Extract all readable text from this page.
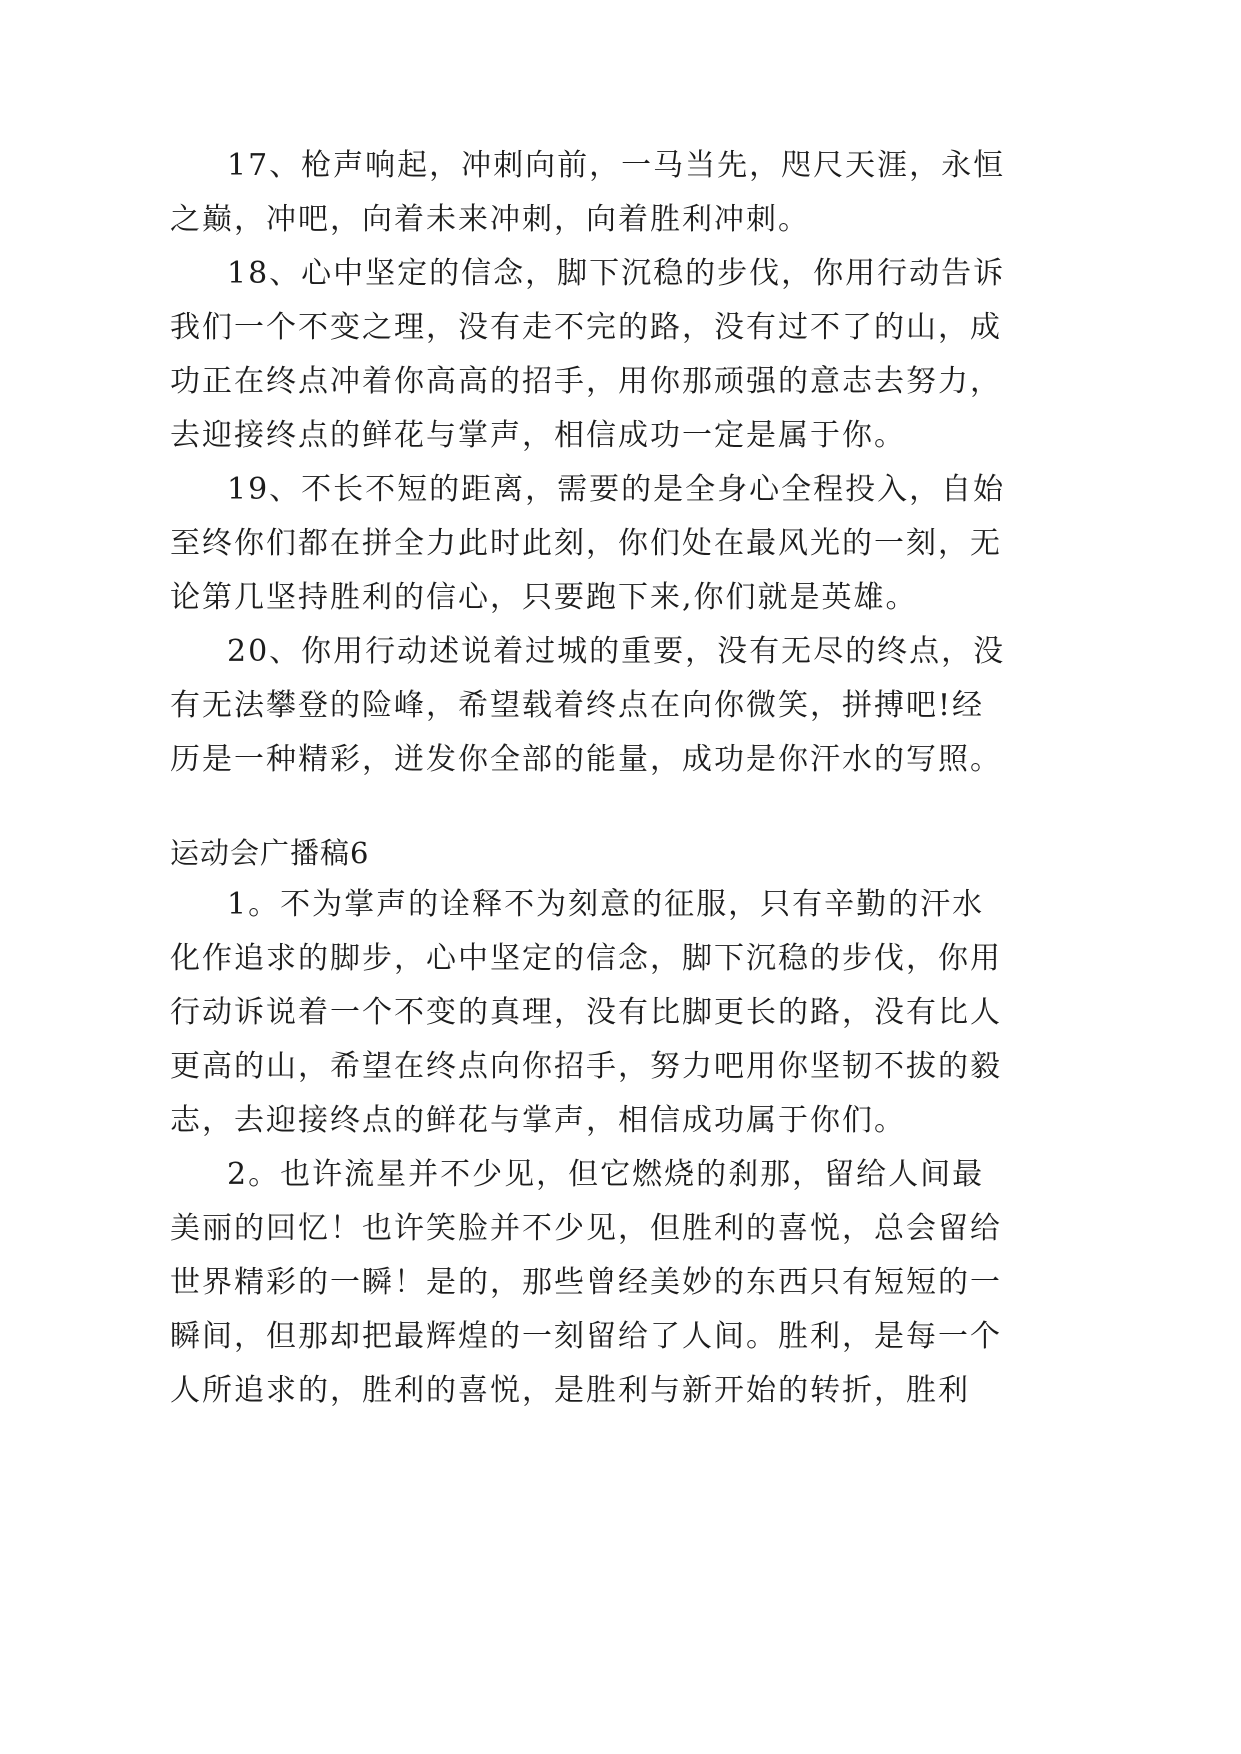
17、枪声响起，冲刺向前，一马当先，咫尺天涯，永恒

之巅，冲吧，向着未来冲刺，向着胜利冲刺。

18、心中坚定的信念，脚下沉稳的步伐，你用行动告诉

我们一个不变之理，没有走不完的路，没有过不了的山，成

功正在终点冲着你高高的招手，用你那顽强的意志去努力，

去迎接终点的鲜花与掌声，相信成功一定是属于你。

19、不长不短的距离，需要的是全身心全程投入，自始

至终你们都在拼全力此时此刻，你们处在最风光的一刻，无

论第几坚持胜利的信心，只要跑下来,你们就是英雄。

20、你用行动述说着过城的重要，没有无尽的终点，没

有无法攀登的险峰，希望载着终点在向你微笑，拼搏吧!经

历是一种精彩，迸发你全部的能量，成功是你汗水的写照。

运动会广播稿6

1。不为掌声的诠释不为刻意的征服，只有辛勤的汗水

化作追求的脚步，心中坚定的信念，脚下沉稳的步伐，你用

行动诉说着一个不变的真理，没有比脚更长的路，没有比人

更高的山，希望在终点向你招手，努力吧用你坚韧不拔的毅

志，去迎接终点的鲜花与掌声，相信成功属于你们。

2。也许流星并不少见，但它燃烧的刹那，留给人间最

美丽的回忆！也许笑脸并不少见，但胜利的喜悦，总会留给

世界精彩的一瞬！是的，那些曾经美妙的东西只有短短的一

瞬间，但那却把最辉煌的一刻留给了人间。胜利，是每一个

人所追求的，胜利的喜悦，是胜利与新开始的转折，胜利
